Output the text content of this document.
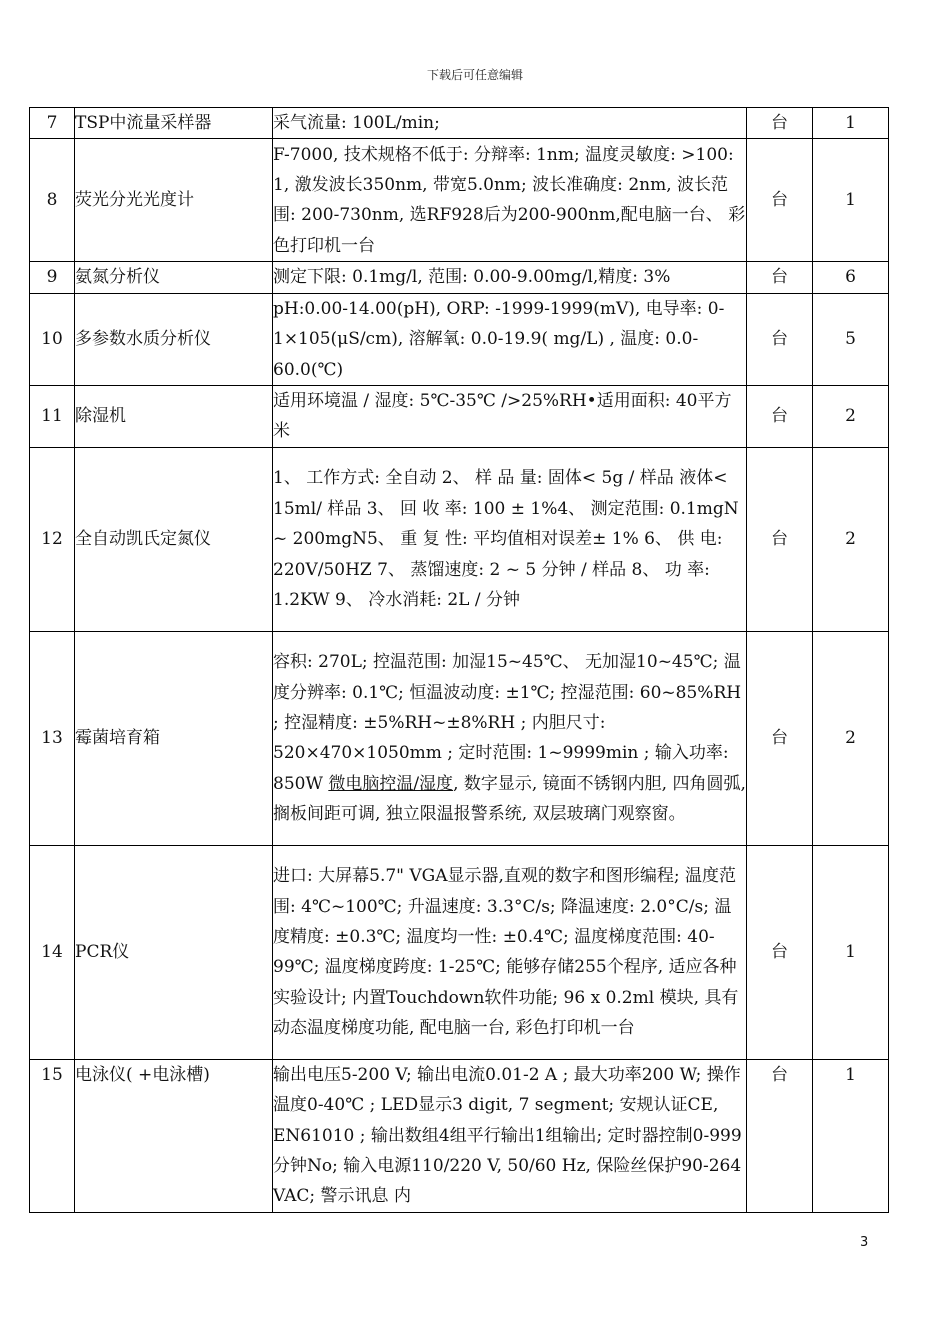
下载后可任意编辑
7	TSP中流量采样器	采气流量: 100L/min;	台	1
8	荧光分光光度计	F-7000, 技术规格不低于: 分辩率: 1nm; 温度灵敏度: >100: 1, 激发波长350nm, 带宽5.0nm; 波长准确度: 2nm, 波长范围: 200-730nm, 选RF928后为200-900nm,配电脑一台、 彩色打印机一台	台	1
9	氨氮分析仪	测定下限: 0.1mg/l, 范围: 0.00-9.00mg/l,精度: 3%	台	6
10	多参数水质分析仪	pH:0.00-14.00(pH), ORP: -1999-1999(mV), 电导率: 0-1×105(μS/cm), 溶解氧: 0.0-19.9( mg/L) , 温度: 0.0-60.0(℃)	台	5
11	除湿机	适用环境温 / 湿度: 5℃-35℃ />25%RH•适用面积: 40平方米	台	2
12	全自动凯氏定氮仪	1、 工作方式: 全自动 2、 样 品 量: 固体< 5g / 样品 液体< 15ml/ 样品 3、 回 收 率: 100 ± 1%4、 测定范围: 0.1mgN ~ 200mgN5、 重 复 性: 平均值相对误差± 1% 6、 供 电: 220V/50HZ 7、 蒸馏速度: 2 ~ 5 分钟 / 样品 8、 功 率: 1.2KW 9、 冷水消耗: 2L / 分钟	台	2
13	霉菌培育箱	容积: 270L; 控温范围: 加湿15~45℃、 无加湿10~45℃; 温度分辨率: 0.1℃; 恒温波动度: ±1℃; 控湿范围: 60~85%RH ; 控湿精度: ±5%RH~±8%RH ; 内胆尺寸: 520×470×1050mm ; 定时范围: 1~9999min ; 输入功率: 850W 微电脑控温/湿度, 数字显示, 镜面不锈钢内胆, 四角圆弧, 搁板间距可调, 独立限温报警系统, 双层玻璃门观察窗。	台	2
14	PCR仪	进口: 大屏幕5.7" VGA显示器,直观的数字和图形编程; 温度范围: 4℃~100℃; 升温速度: 3.3°C/s; 降温速度: 2.0°C/s; 温度精度: ±0.3℃; 温度均一性: ±0.4℃; 温度梯度范围: 40-99℃; 温度梯度跨度: 1-25℃; 能够存储255个程序, 适应各种实验设计; 内置Touchdown软件功能; 96 x 0.2ml 模块, 具有动态温度梯度功能, 配电脑一台, 彩色打印机一台	台	1
15	电泳仪( +电泳槽)	输出电压5-200 V; 输出电流0.01-2 A ; 最大功率200 W; 操作温度0-40℃ ; LED显示3 digit, 7 segment; 安规认证CE, EN61010 ; 输出数组4组平行输出1组输出; 定时器控制0-999分钟No; 输入电源110/220 V, 50/60 Hz, 保险丝保护90-264 VAC; 警示讯息 内	台	1
3
